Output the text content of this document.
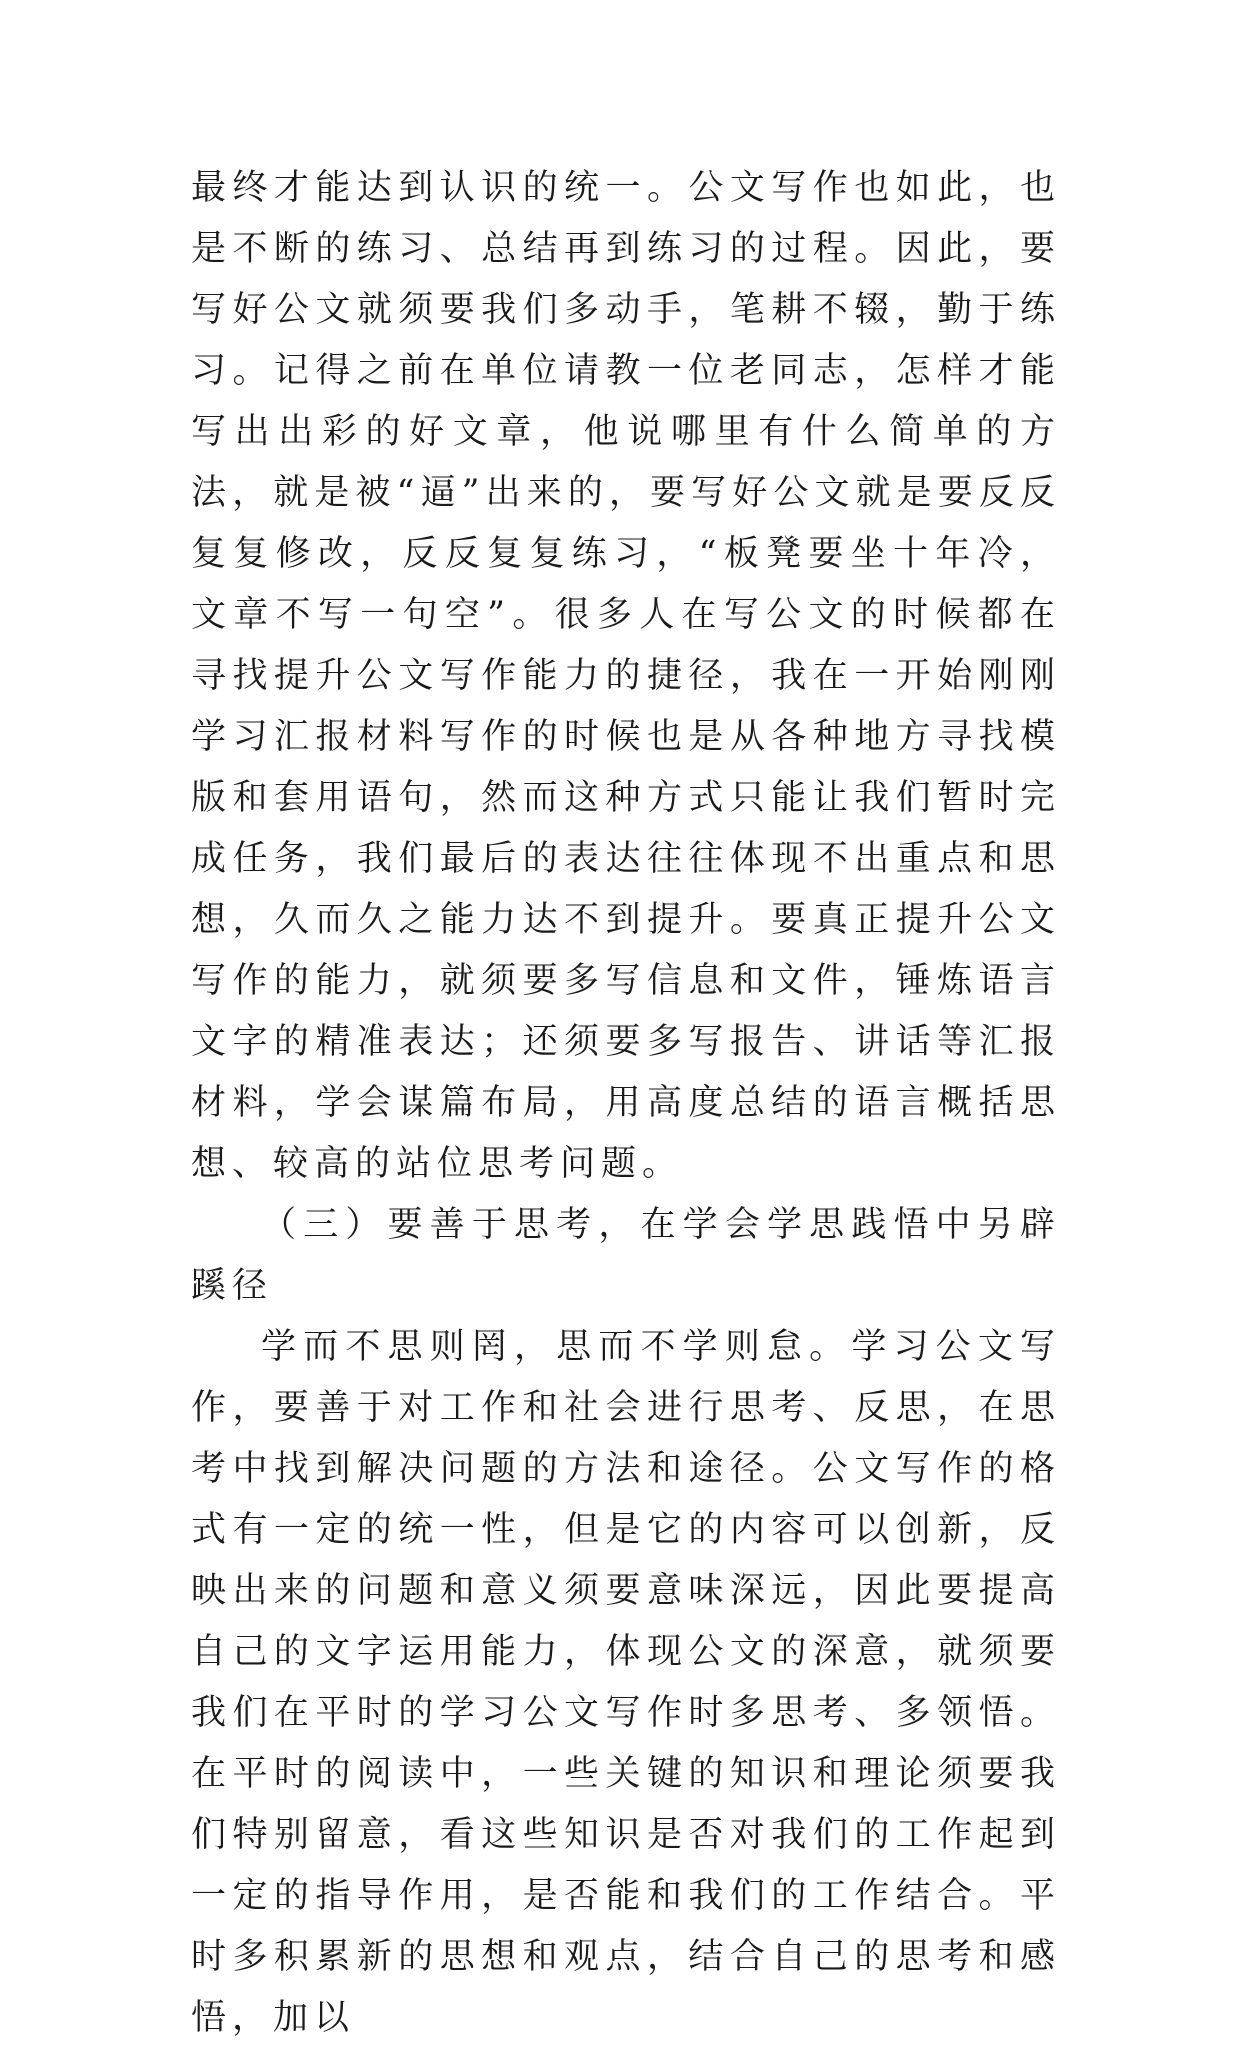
最终才能达到认识的统一。公文写作也如此，也是不断的练习、总结再到练习的过程。因此，要写好公文就须要我们多动手，笔耕不辍，勤于练习。记得之前在单位请教一位老同志，怎样才能写出出彩的好文章，他说哪里有什么简单的方法，就是被“逼”出来的，要写好公文就是要反反复复修改，反反复复练习，“板凳要坐十年冷，文章不写一句空”。很多人在写公文的时候都在寻找提升公文写作能力的捷径，我在一开始刚刚学习汇报材料写作的时候也是从各种地方寻找模版和套用语句，然而这种方式只能让我们暂时完成任务，我们最后的表达往往体现不出重点和思想，久而久之能力达不到提升。要真正提升公文写作的能力，就须要多写信息和文件，锤炼语言文字的精准表达；还须要多写报告、讲话等汇报材料，学会谋篇布局，用高度总结的语言概括思想、较高的站位思考问题。

（三）要善于思考，在学会学思践悟中另辟蹊径

学而不思则罔，思而不学则怠。学习公文写作，要善于对工作和社会进行思考、反思，在思考中找到解决问题的方法和途径。公文写作的格式有一定的统一性，但是它的内容可以创新，反映出来的问题和意义须要意味深远，因此要提高自己的文字运用能力，体现公文的深意，就须要我们在平时的学习公文写作时多思考、多领悟。在平时的阅读中，一些关键的知识和理论须要我们特别留意，看这些知识是否对我们的工作起到一定的指导作用，是否能和我们的工作结合。平时多积累新的思想和观点，结合自己的思考和感悟，加以
